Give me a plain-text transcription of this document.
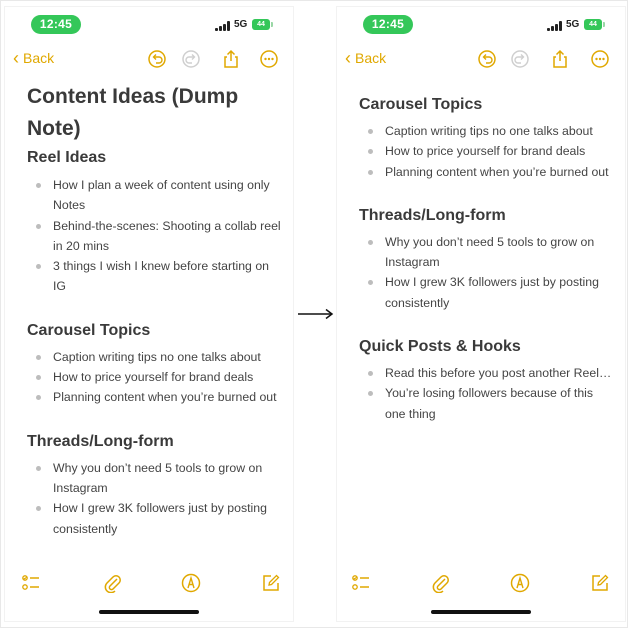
12:45	5G	44
‹ Back
Content Ideas (Dump Note)
Reel Ideas
How I plan a week of content using only Notes
Behind-the-scenes: Shooting a collab reel in 20 mins
3 things I wish I knew before starting on IG
Carousel Topics
Caption writing tips no one talks about
How to price yourself for brand deals
Planning content when you’re burned out
Threads/Long-form
Why you don’t need 5 tools to grow on Instagram
How I grew 3K followers just by posting consistently
12:45	5G	44
‹ Back
Carousel Topics
Caption writing tips no one talks about
How to price yourself for brand deals
Planning content when you’re burned out
Threads/Long-form
Why you don’t need 5 tools to grow on Instagram
How I grew 3K followers just by posting consistently
Quick Posts & Hooks
Read this before you post another Reel…
You’re losing followers because of this one thing
